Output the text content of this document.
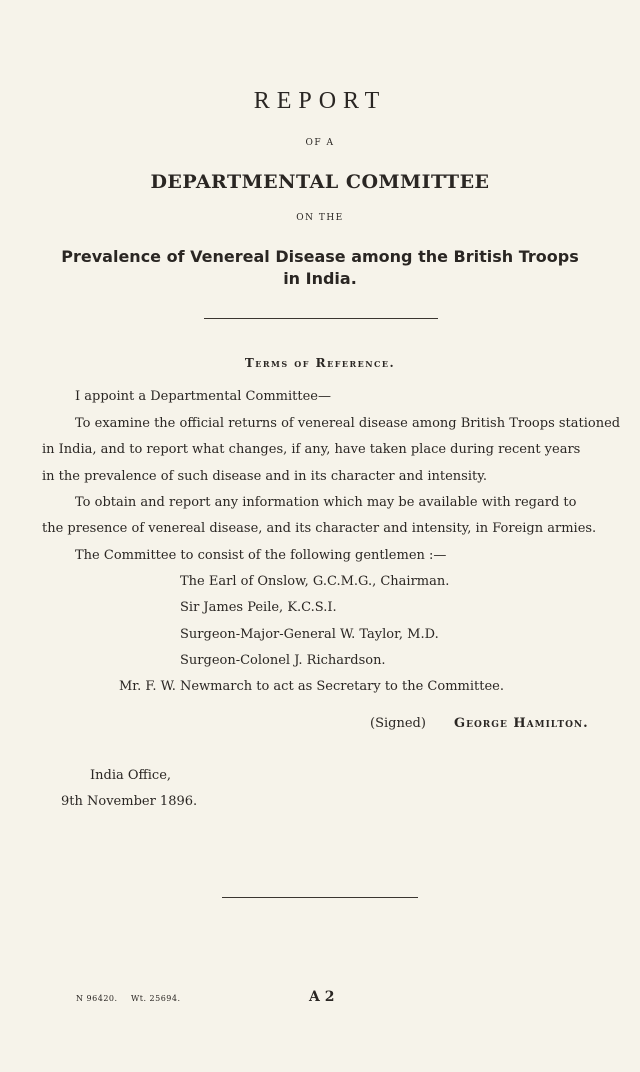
REPORT
OF A
DEPARTMENTAL COMMITTEE
ON THE
Prevalence of Venereal Disease among the British Troops
in India.
Terms of Reference.
I appoint a Departmental Committee—
To examine the official returns of venereal disease among British Troops stationed
in India, and to report what changes, if any, have taken place during recent years
in the prevalence of such disease and in its character and intensity.
To obtain and report any information which may be available with regard to
the presence of venereal disease, and its character and intensity, in Foreign armies.
The Committee to consist of the following gentlemen :—
The Earl of Onslow, G.C.M.G., Chairman.
Sir James Peile, K.C.S.I.
Surgeon-Major-General W. Taylor, M.D.
Surgeon-Colonel J. Richardson.
Mr. F. W. Newmarch to act as Secretary to the Committee.
(Signed) George Hamilton.
India Office,
9th November 1896.
N 96420. Wt. 25694.	A 2
